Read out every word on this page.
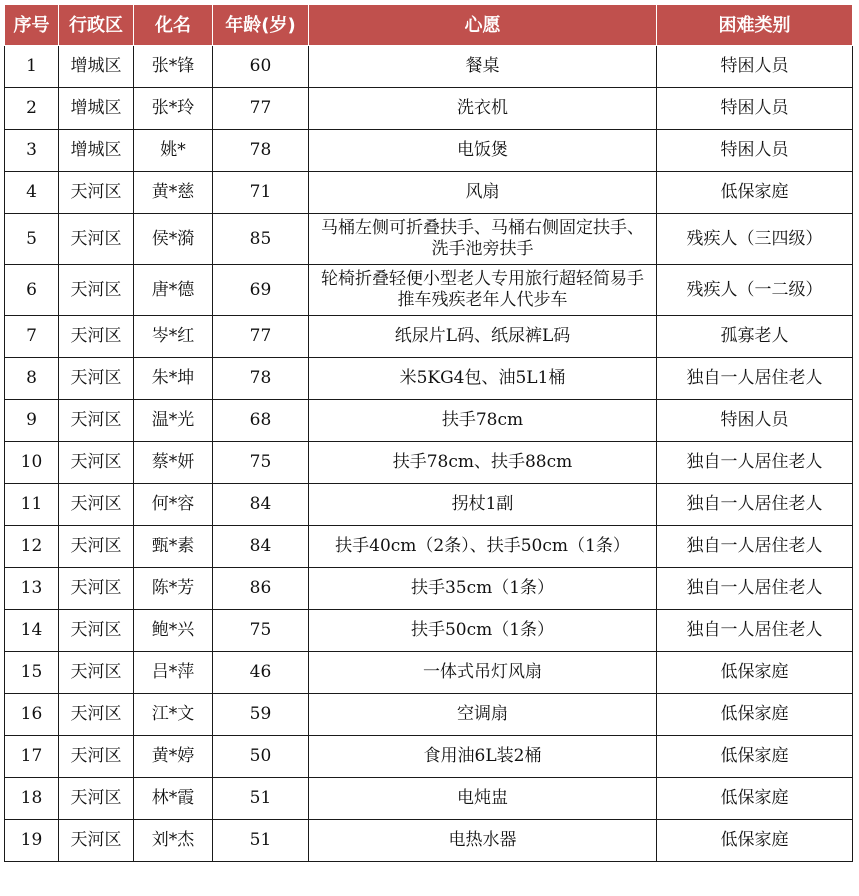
序号	行政区	化名	年龄(岁)	心愿	困难类别
1	增城区	张*锋	60	餐桌	特困人员
2	增城区	张*玲	77	洗衣机	特困人员
3	增城区	姚*	78	电饭煲	特困人员
4	天河区	黄*慈	71	风扇	低保家庭
5	天河区	侯*漪	85	马桶左侧可折叠扶手、马桶右侧固定扶手、洗手池旁扶手	残疾人（三四级）
6	天河区	唐*德	69	轮椅折叠轻便小型老人专用旅行超轻简易手推车残疾老年人代步车	残疾人（一二级）
7	天河区	岑*红	77	纸尿片L码、纸尿裤L码	孤寡老人
8	天河区	朱*坤	78	米5KG4包、油5L1桶	独自一人居住老人
9	天河区	温*光	68	扶手78cm	特困人员
10	天河区	蔡*妍	75	扶手78cm、扶手88cm	独自一人居住老人
11	天河区	何*容	84	拐杖1副	独自一人居住老人
12	天河区	甄*素	84	扶手40cm（2条）、扶手50cm（1条）	独自一人居住老人
13	天河区	陈*芳	86	扶手35cm（1条）	独自一人居住老人
14	天河区	鲍*兴	75	扶手50cm（1条）	独自一人居住老人
15	天河区	吕*萍	46	一体式吊灯风扇	低保家庭
16	天河区	江*文	59	空调扇	低保家庭
17	天河区	黄*婷	50	食用油6L装2桶	低保家庭
18	天河区	林*霞	51	电炖盅	低保家庭
19	天河区	刘*杰	51	电热水器	低保家庭
